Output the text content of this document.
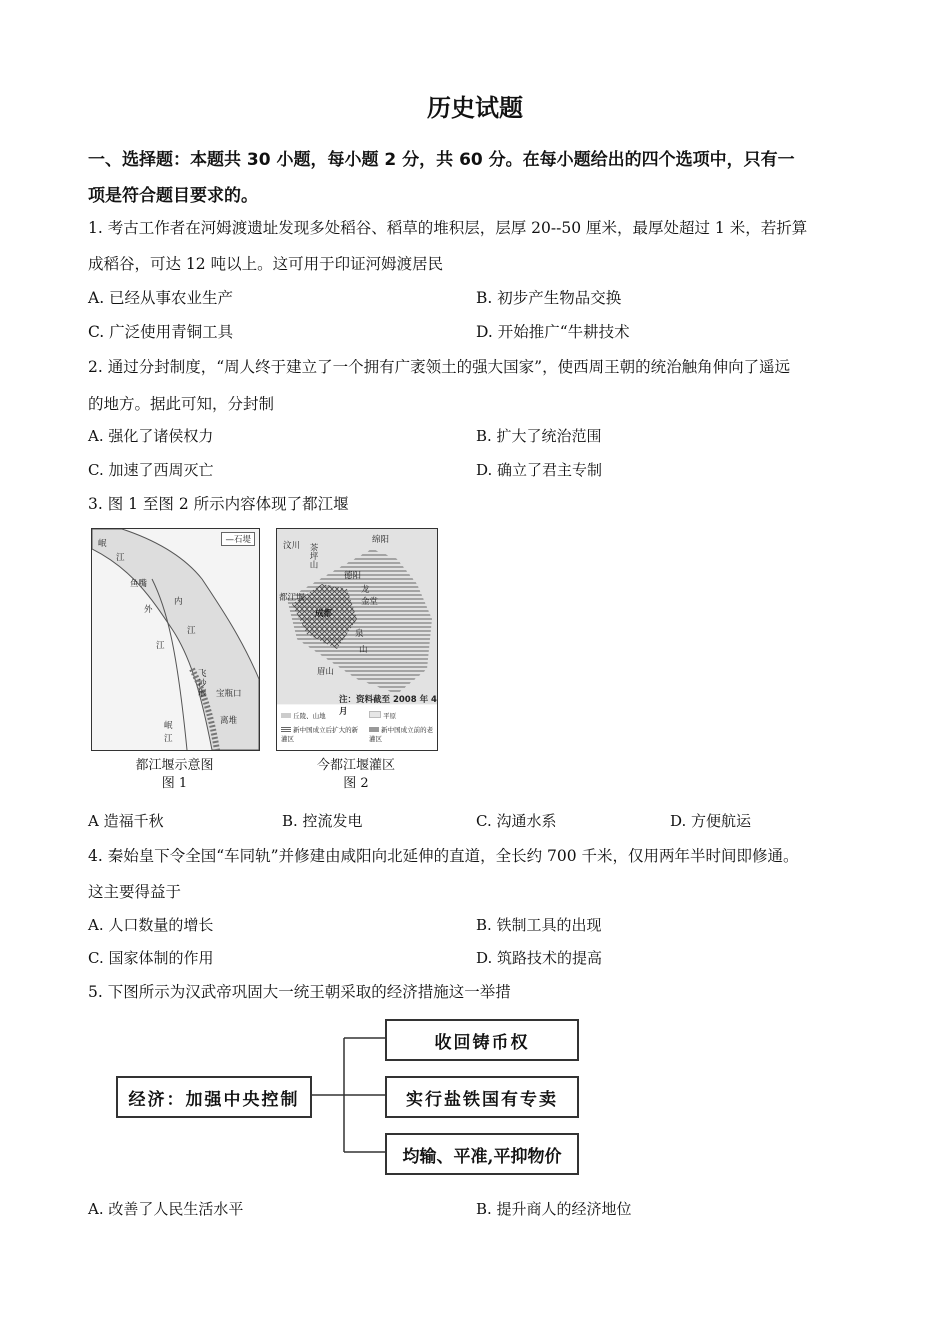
历史试题
一、选择题：本题共 30 小题，每小题 2 分，共 60 分。在每小题给出的四个选项中，只有一
项是符合题目要求的。
1. 考古工作者在河姆渡遗址发现多处稻谷、稻草的堆积层，层厚 20--50 厘米，最厚处超过 1 米，若折算
成稻谷，可达 12 吨以上。这可用于印证河姆渡居民
A. 已经从事农业生产	B. 初步产生物品交换
C. 广泛使用青铜工具	D. 开始推广“牛耕技术
2. 通过分封制度，“周人终于建立了一个拥有广袤领土的强大国家”，使西周王朝的统治触角伸向了遥远
的地方。据此可知，分封制
A. 强化了诸侯权力	B. 扩大了统治范围
C. 加速了西周灭亡	D. 确立了君主专制
3. 图 1 至图 2 所示内容体现了都江堰
—石堤
岷
江
鱼嘴
外
内
江
江
飞
沙
堰 宝瓶口
离堆
岷
江
都江堰示意图
图 1
汶川 茶坪山
绵阳
德阳
都江堰
成都
金堂
龙
泉
山
眉山
注：资料截至 2008 年 4 月
丘陵、山地	平原
新中国成立后扩大的新灌区
新中国成立前的老灌区
今都江堰灌区
图 2
A 造福千秋	B. 控流发电	C. 沟通水系	D. 方便航运
4. 秦始皇下令全国“车同轨”并修建由咸阳向北延伸的直道，全长约 700 千米，仅用两年半时间即修通。
这主要得益于
A. 人口数量的增长	B. 铁制工具的出现
C. 国家体制的作用	D. 筑路技术的提高
5. 下图所示为汉武帝巩固大一统王朝采取的经济措施这一举措
经济：加强中央控制
收回铸币权
实行盐铁国有专卖
均输、平准,平抑物价
A. 改善了人民生活水平	B. 提升商人的经济地位
